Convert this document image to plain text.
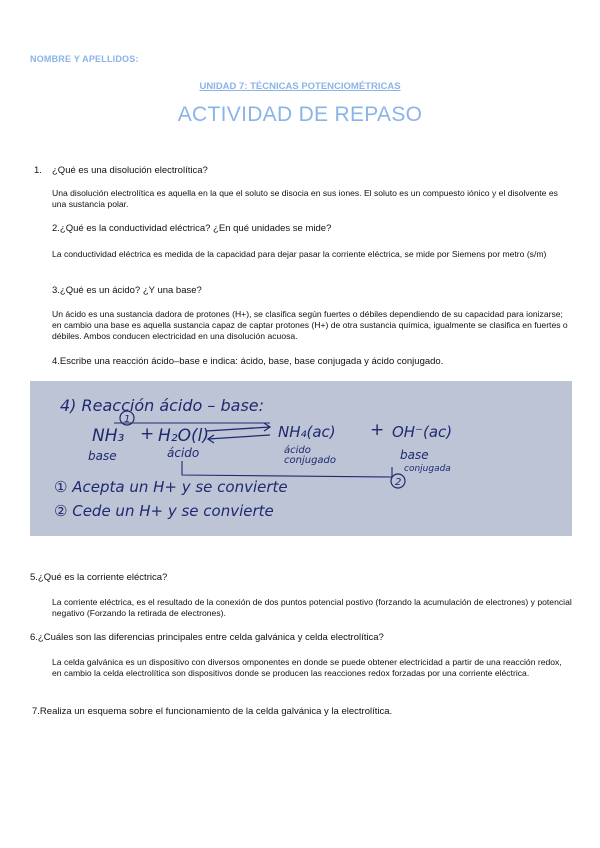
NOMBRE Y APELLIDOS:
UNIDAD 7: TÉCNICAS POTENCIOMÉTRICAS
ACTIVIDAD DE REPASO
1. ¿Qué es una disolución electrolítica?
Una disolución electrolítica es aquella en la que el soluto se disocia en sus iones. El soluto es un compuesto iónico y el disolvente es una sustancia polar.
2.¿Qué es la conductividad eléctrica? ¿En qué unidades se mide?
La conductividad eléctrica es medida de la capacidad para dejar pasar la corriente eléctrica, se mide por Siemens por metro (s/m)
3.¿Qué es un ácido? ¿Y una base?
Un ácido es una sustancia dadora de protones (H+), se clasifica según fuertes o débiles dependiendo de su capacidad para ionizarse; en cambio una base es aquella sustancia capaz de captar protones (H+) de otra sustancia química, igualmente se clasifica en fuertes o débiles. Ambos conducen electricidad en una disolución acuosa.
4.Escribe una reacción ácido–base e indica: ácido, base, base conjugada y ácido conjugado.
4) Reacción ácido – base:
1
NH₃ + H₂O(l)	NH₄(ac) + OH⁻(ac)
base	ácido	ácido
conjugado	base
conjugada
2
① Acepta un H+ y se convierte
② Cede un H+ y se convierte
5.¿Qué es la corriente eléctrica?
La corriente eléctrica, es el resultado de la conexión de dos puntos potencial postivo (forzando la acumulación de electrones) y potencial negativo (Forzando la retirada de electrones).
6.¿Cuáles son las diferencias principales entre celda galvánica y celda electrolítica?
La celda galvánica es un dispositivo con diversos omponentes en donde se puede obtener electricidad a partir de una reacción redox, en cambio la celda electrolítica son dispositivos donde se producen las reacciones redox forzadas por una corriente eléctrica.
7.Realiza un esquema sobre el funcionamiento de la celda galvánica y la electrolítica.
